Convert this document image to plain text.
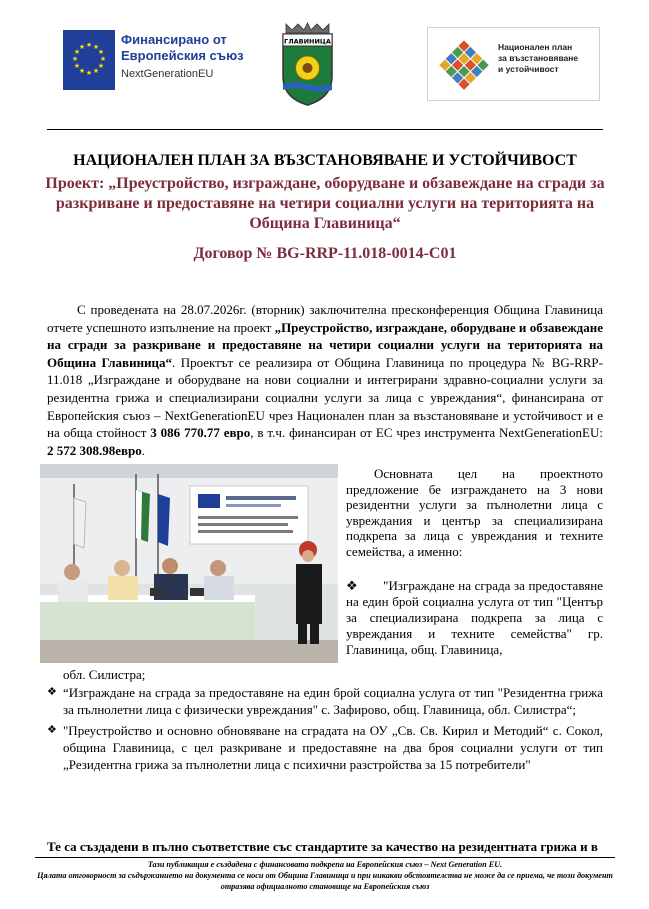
★ ★
★
★
★
★
★
★
★
★
★
★	Финансирано от
Европейския съюз
NextGenerationEU
ГЛАВИНИЦА
Национален план
за възстановяване
и устойчивост

НАЦИОНАЛЕН ПЛАН ЗА ВЪЗСТАНОВЯВАНЕ И УСТОЙЧИВОСТ

Проект: „Преустройство, изграждане, оборудване и обзавеждане на сгради за разкриване и предоставяне на четири социални услуги на територията на Община Главиница“

Договор № BG-RRP-11.018-0014-C01

С проведената на 28.07.2026г. (вторник) заключителна пресконференция Община Главиница отчете успешното изпълнение на проект „Преустройство, изграждане, оборудване и обзавеждане на сгради за разкриване и предоставяне на четири социални услуги на територията на Община Главиница“. Проектът се реализира от Община Главиница по процедура № BG-RRP-11.018 „Изграждане и оборудване на нови социални и интегрирани здравно-социални услуги за резидентна грижа и специализирани социални услуги за лица с увреждания“, финансирана от Европейския съюз – NextGenerationEU чрез Национален план за възстановяване и устойчивост и е на обща стойност 3 086 770.77 евро, в т.ч. финансиран от ЕС чрез инструмента NextGenerationEU: 2 572 308.98евро.

Основната цел на проектното предложение бе изграждането на 3 нови резидентни услуги за пълнолетни лица с увреждания и център за специализирана подкрепа за лица с увреждания и техните семейства, а именно:

❖ "Изграждане на сграда за предоставяне на един брой социална услуга от тип "Център за специализирана подкрепа за лица с увреждания и техните семейства" гр. Главиница, общ. Главиница,

обл. Силистра;

❖ “Изграждане на сграда за предоставяне на един брой социална услуга от тип "Резидентна грижа за пълнолетни лица с физически увреждания" с. Зафирово, общ. Главиница, обл. Силистра“;
❖ "Преустройство и основно обновяване на сградата на ОУ „Св. Св. Кирил и Методий“ с. Сокол, община Главиница, с цел разкриване и предоставяне на два броя социални услуги от тип „Резидентна грижа за пълнолетни лица с психични разстройства за 15 потребители"

Те са създадени в пълно съответствие със стандартите за качество на резидентната грижа и в

Тази публикация е създадена с финансовата подкрепа на Европейския съюз – Next Generation EU.
Цялата отговорност за съдържанието на документа се носи от Община Главиница и при никакви обстоятелства не може да се приема, че този документ отразява официалното становище на Европейския съюз
